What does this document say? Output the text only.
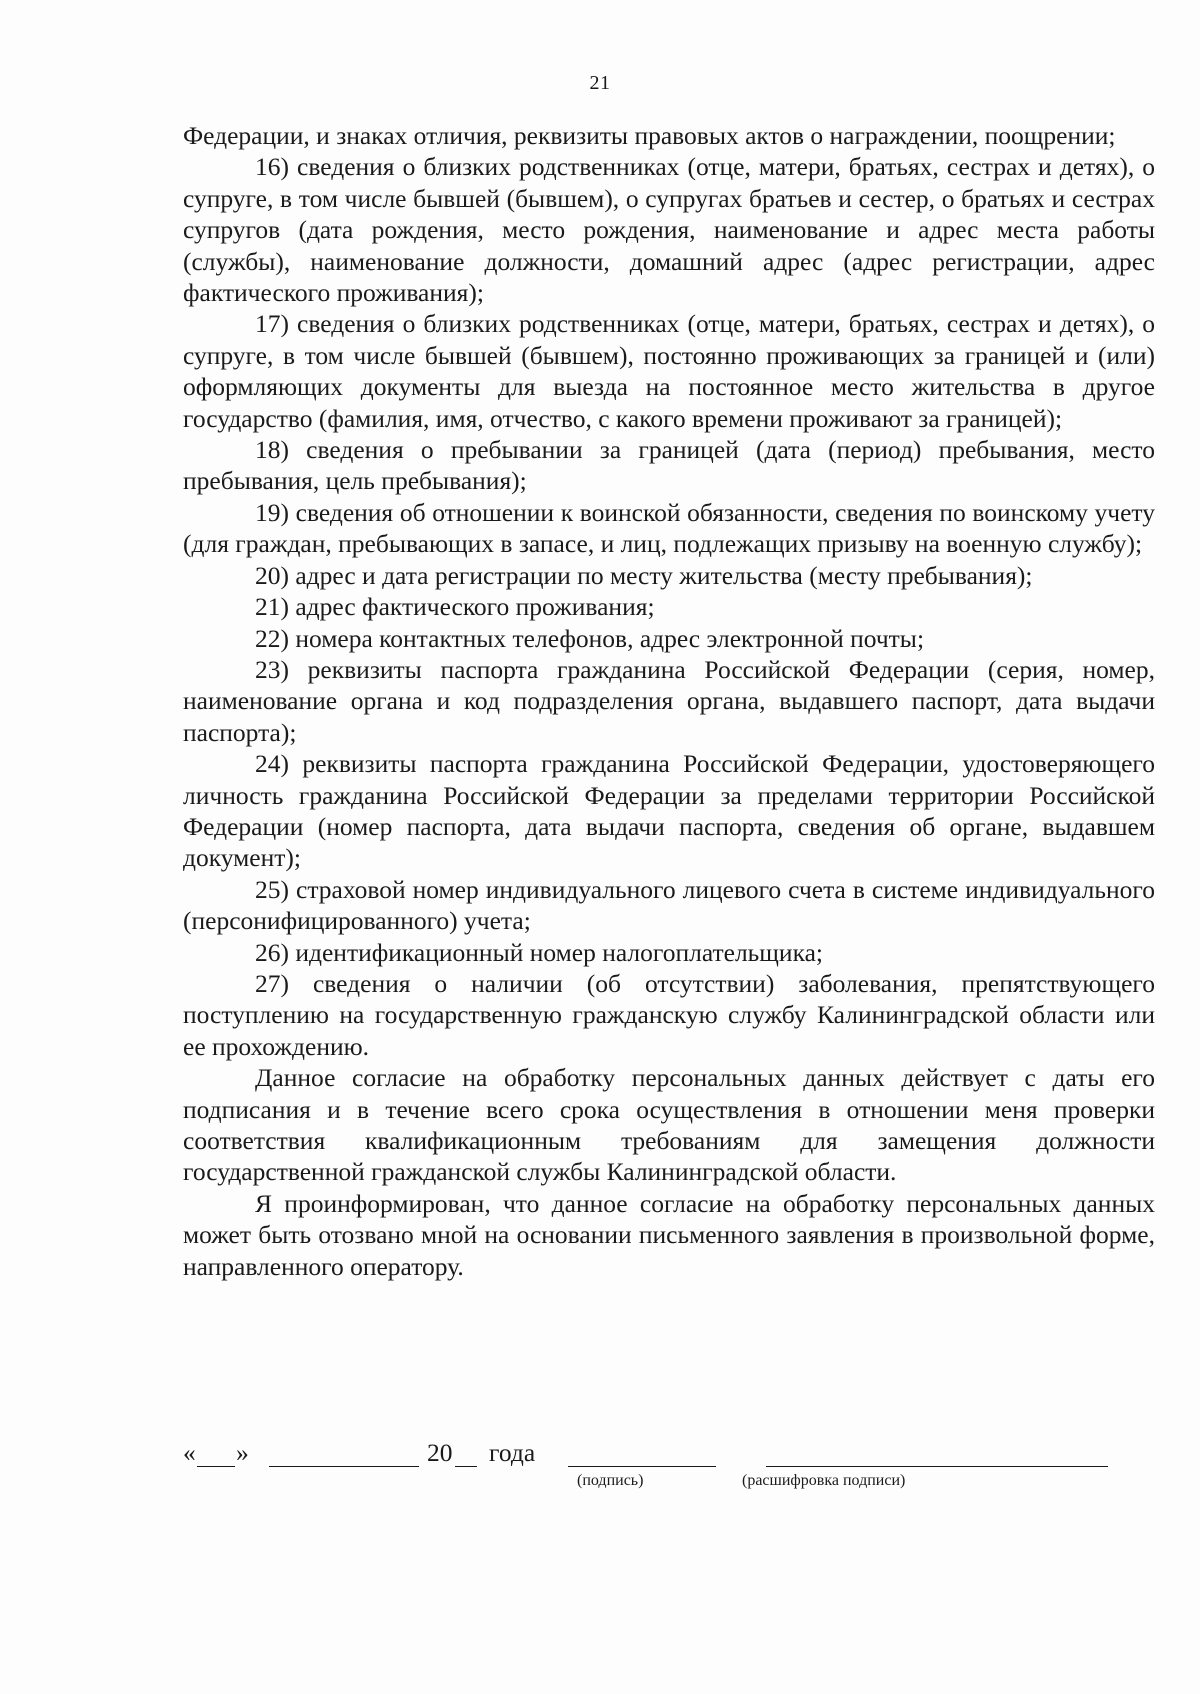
21

Федерации, и знаках отличия, реквизиты правовых актов о награждении, поощрении;

16) сведения о близких родственниках (отце, матери, братьях, сестрах и детях), о супруге, в том числе бывшей (бывшем), о супругах братьев и сестер, о братьях и сестрах супругов (дата рождения, место рождения, наименование и адрес места работы (службы), наименование должности, домашний адрес (адрес регистрации, адрес фактического проживания);

17) сведения о близких родственниках (отце, матери, братьях, сестрах и детях), о супруге, в том числе бывшей (бывшем), постоянно проживающих за границей и (или) оформляющих документы для выезда на постоянное место жительства в другое государство (фамилия, имя, отчество, с какого времени проживают за границей);

18) сведения о пребывании за границей (дата (период) пребывания, место пребывания, цель пребывания);

19) сведения об отношении к воинской обязанности, сведения по воинскому учету (для граждан, пребывающих в запасе, и лиц, подлежащих призыву на военную службу);

20) адрес и дата регистрации по месту жительства (месту пребывания);

21) адрес фактического проживания;

22) номера контактных телефонов, адрес электронной почты;

23) реквизиты паспорта гражданина Российской Федерации (серия, номер, наименование органа и код подразделения органа, выдавшего паспорт, дата выдачи паспорта);

24) реквизиты паспорта гражданина Российской Федерации, удостоверяющего личность гражданина Российской Федерации за пределами территории Российской Федерации (номер паспорта, дата выдачи паспорта, сведения об органе, выдавшем документ);

25) страховой номер индивидуального лицевого счета в системе индивидуального (персонифицированного) учета;

26) идентификационный номер налогоплательщика;

27) сведения о наличии (об отсутствии) заболевания, препятствующего поступлению на государственную гражданскую службу Калининградской области или ее прохождению.

Данное согласие на обработку персональных данных действует с даты его подписания и в течение всего срока осуществления в отношении меня проверки соответствия квалификационным требованиям для замещения должности государственной гражданской службы Калининградской области.

Я проинформирован, что данное согласие на обработку персональных данных может быть отозвано мной на основании письменного заявления в произвольной форме, направленного оператору.

« »	20 года
(подпись)	(расшифровка подписи)
